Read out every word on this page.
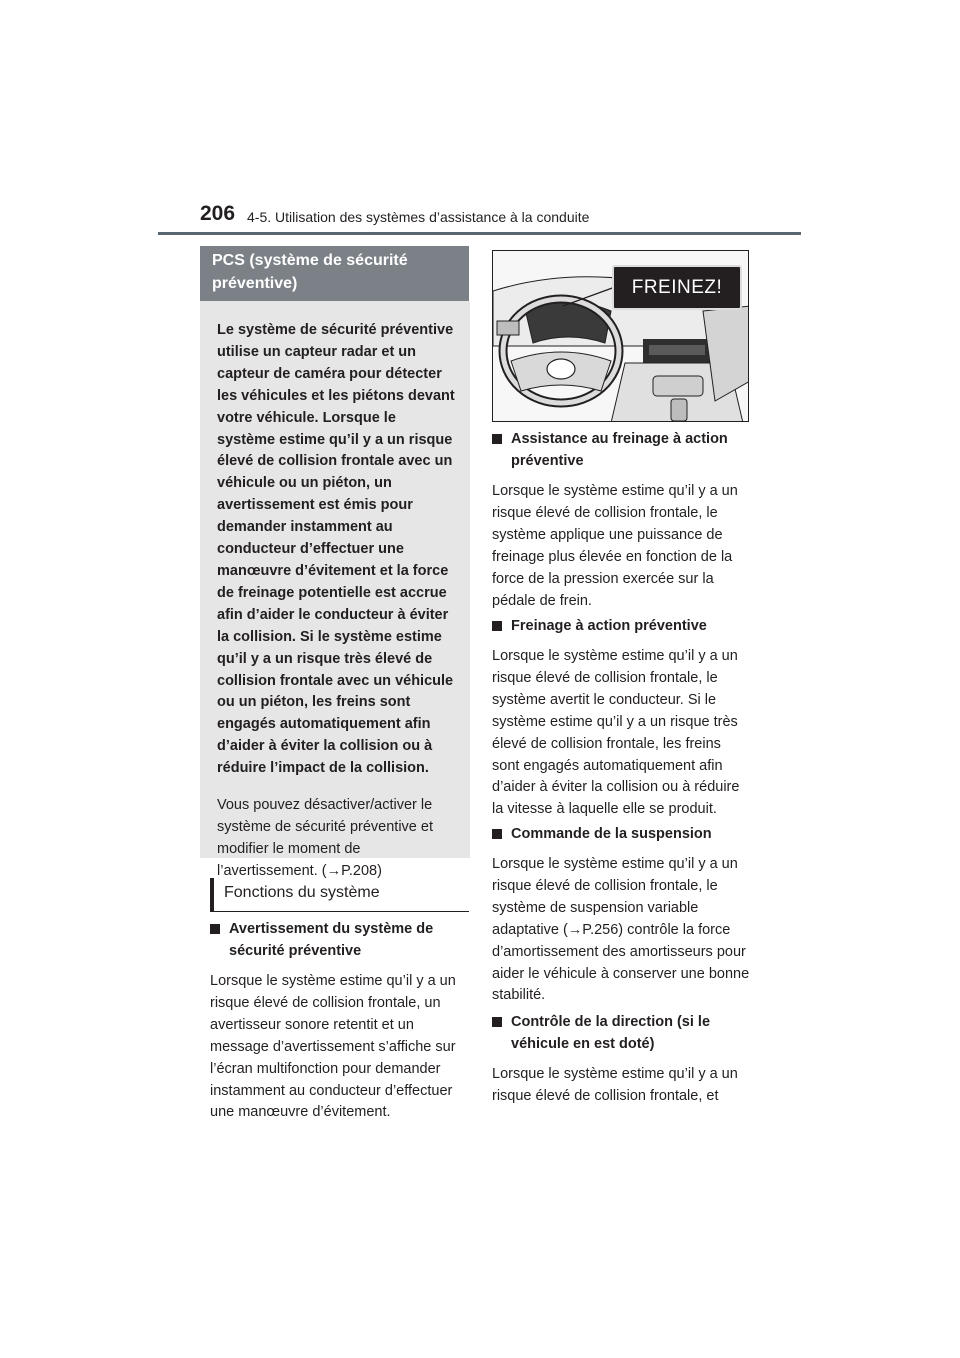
206 4-5. Utilisation des systèmes d’assistance à la conduite
PCS (système de sécurité préventive)

Le système de sécurité préventive utilise un capteur radar et un capteur de caméra pour détecter les véhicules et les piétons devant votre véhicule. Lorsque le système estime qu’il y a un risque élevé de collision frontale avec un véhicule ou un piéton, un avertissement est émis pour demander instamment au conducteur d’effectuer une manœuvre d’évitement et la force de freinage potentielle est accrue afin d’aider le conducteur à éviter la collision. Si le système estime qu’il y a un risque très élevé de collision frontale avec un véhicule ou un piéton, les freins sont engagés automatiquement afin d’aider à éviter la collision ou à réduire l’impact de la collision.

Vous pouvez désactiver/activer le système de sécurité préventive et modifier le moment de l’avertissement. (→P.208)

Fonctions du système
Avertissement du système de sécurité préventive

Lorsque le système estime qu’il y a un risque élevé de collision frontale, un avertisseur sonore retentit et un message d’avertissement s’affiche sur l’écran multifonction pour demander instamment au conducteur d’effectuer une manœuvre d’évitement.

FREINEZ!
Assistance au freinage à action préventive

Lorsque le système estime qu’il y a un risque élevé de collision frontale, le système applique une puissance de freinage plus élevée en fonction de la force de la pression exercée sur la pédale de frein.

Freinage à action préventive

Lorsque le système estime qu’il y a un risque élevé de collision frontale, le système avertit le conducteur. Si le système estime qu’il y a un risque très élevé de collision frontale, les freins sont engagés automatiquement afin d’aider à éviter la collision ou à réduire la vitesse à laquelle elle se produit.

Commande de la suspension

Lorsque le système estime qu’il y a un risque élevé de collision frontale, le système de suspension variable adaptative (→P.256) contrôle la force d’amortissement des amortisseurs pour aider le véhicule à conserver une bonne stabilité.

Contrôle de la direction (si le véhicule en est doté)

Lorsque le système estime qu’il y a un risque élevé de collision frontale, et
